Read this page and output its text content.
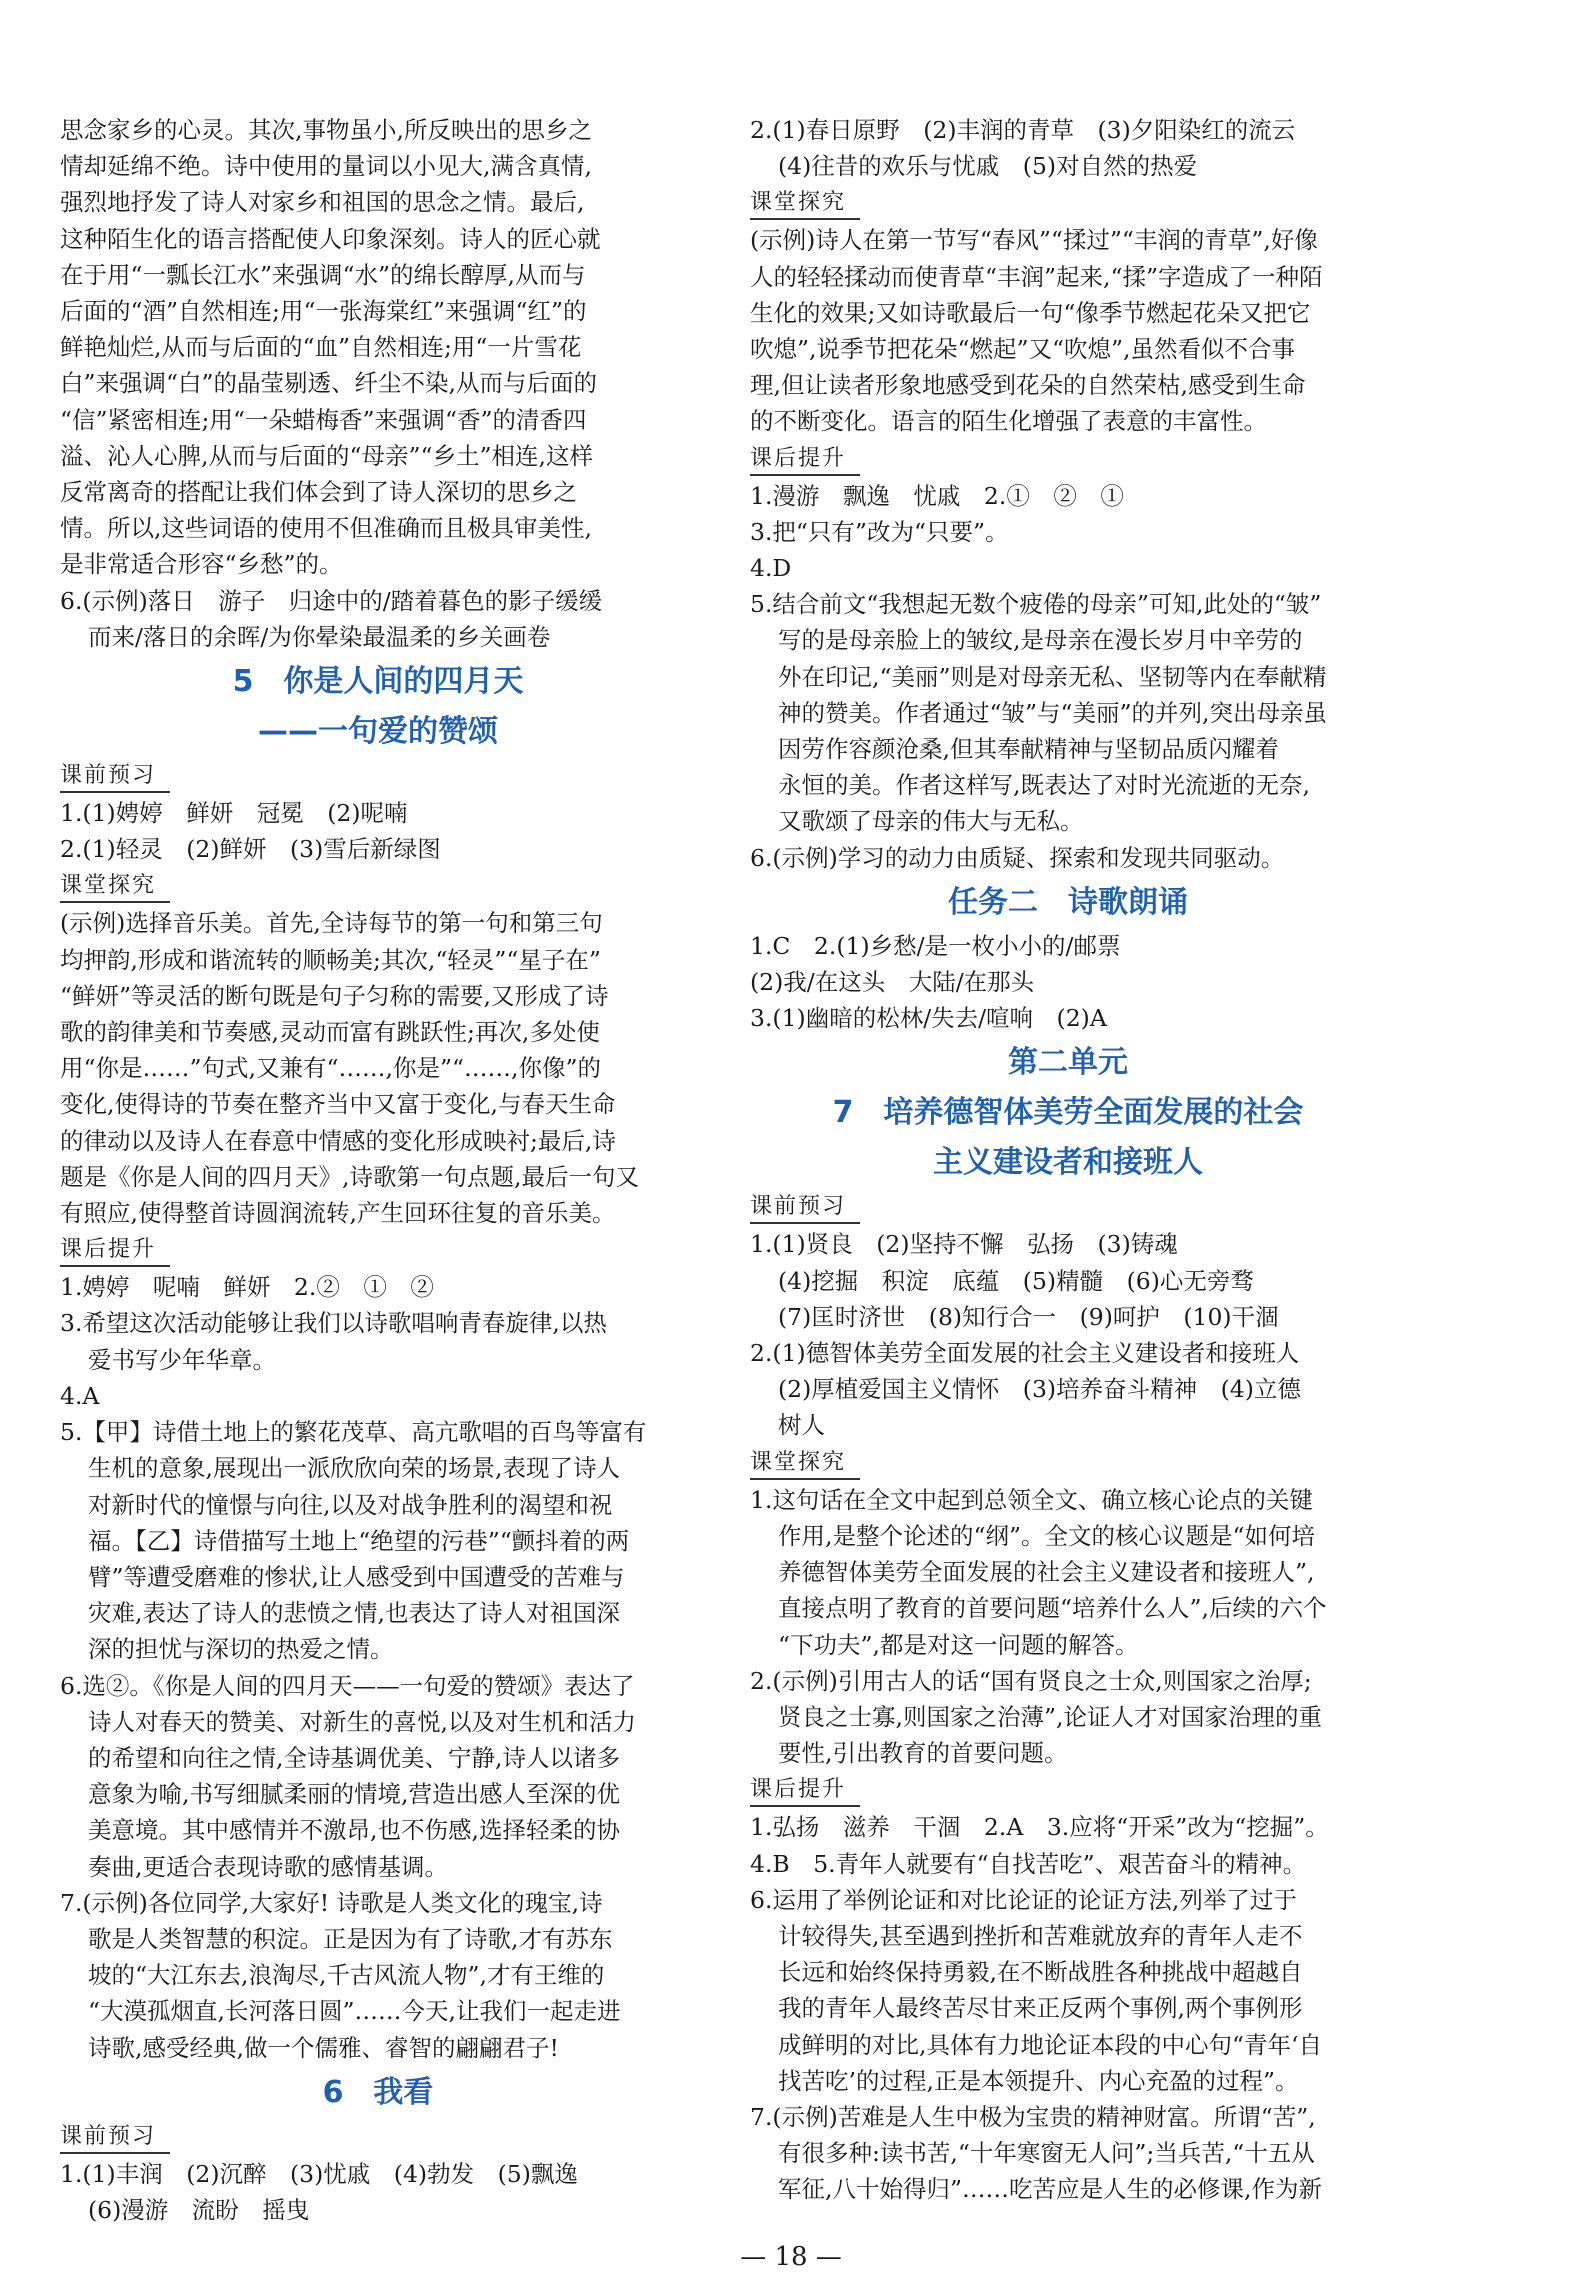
思念家乡的心灵。其次,事物虽小,所反映出的思乡之

情却延绵不绝。诗中使用的量词以小见大,满含真情,

强烈地抒发了诗人对家乡和祖国的思念之情。最后,

这种陌生化的语言搭配使人印象深刻。诗人的匠心就

在于用“一瓢长江水”来强调“水”的绵长醇厚,从而与

后面的“酒”自然相连;用“一张海棠红”来强调“红”的

鲜艳灿烂,从而与后面的“血”自然相连;用“一片雪花

白”来强调“白”的晶莹剔透、纤尘不染,从而与后面的

“信”紧密相连;用“一朵蜡梅香”来强调“香”的清香四

溢、沁人心脾,从而与后面的“母亲”“乡土”相连,这样

反常离奇的搭配让我们体会到了诗人深切的思乡之

情。所以,这些词语的使用不但准确而且极具审美性,

是非常适合形容“乡愁”的。

6.(示例)落日　游子　归途中的/踏着暮色的影子缓缓

而来/落日的余晖/为你晕染最温柔的乡关画卷

5　你是人间的四月天
——一句爱的赞颂
课前预习

1.(1)娉婷　鲜妍　冠冕　(2)呢喃

2.(1)轻灵　(2)鲜妍　(3)雪后新绿图

课堂探究

(示例)选择音乐美。首先,全诗每节的第一句和第三句

均押韵,形成和谐流转的顺畅美;其次,“轻灵”“星子在”

“鲜妍”等灵活的断句既是句子匀称的需要,又形成了诗

歌的韵律美和节奏感,灵动而富有跳跃性;再次,多处使

用“你是……”句式,又兼有“……,你是”“……,你像”的

变化,使得诗的节奏在整齐当中又富于变化,与春天生命

的律动以及诗人在春意中情感的变化形成映衬;最后,诗

题是《你是人间的四月天》,诗歌第一句点题,最后一句又

有照应,使得整首诗圆润流转,产生回环往复的音乐美。

课后提升

1.娉婷　呢喃　鲜妍　2.②　①　②

3.希望这次活动能够让我们以诗歌唱响青春旋律,以热

爱书写少年华章。

4.A

5.【甲】诗借土地上的繁花茂草、高亢歌唱的百鸟等富有

生机的意象,展现出一派欣欣向荣的场景,表现了诗人

对新时代的憧憬与向往,以及对战争胜利的渴望和祝

福。【乙】诗借描写土地上“绝望的污巷”“颤抖着的两

臂”等遭受磨难的惨状,让人感受到中国遭受的苦难与

灾难,表达了诗人的悲愤之情,也表达了诗人对祖国深

深的担忧与深切的热爱之情。

6.选②。《你是人间的四月天——一句爱的赞颂》表达了

诗人对春天的赞美、对新生的喜悦,以及对生机和活力

的希望和向往之情,全诗基调优美、宁静,诗人以诸多

意象为喻,书写细腻柔丽的情境,营造出感人至深的优

美意境。其中感情并不激昂,也不伤感,选择轻柔的协

奏曲,更适合表现诗歌的感情基调。

7.(示例)各位同学,大家好! 诗歌是人类文化的瑰宝,诗

歌是人类智慧的积淀。正是因为有了诗歌,才有苏东

坡的“大江东去,浪淘尽,千古风流人物”,才有王维的

“大漠孤烟直,长河落日圆”……今天,让我们一起走进

诗歌,感受经典,做一个儒雅、睿智的翩翩君子!

6　我看
课前预习

1.(1)丰润　(2)沉醉　(3)忧戚　(4)勃发　(5)飘逸

(6)漫游　流盼　摇曳

2.(1)春日原野　(2)丰润的青草　(3)夕阳染红的流云

(4)往昔的欢乐与忧戚　(5)对自然的热爱

课堂探究

(示例)诗人在第一节写“春风”“揉过”“丰润的青草”,好像

人的轻轻揉动而使青草“丰润”起来,“揉”字造成了一种陌

生化的效果;又如诗歌最后一句“像季节燃起花朵又把它

吹熄”,说季节把花朵“燃起”又“吹熄”,虽然看似不合事

理,但让读者形象地感受到花朵的自然荣枯,感受到生命

的不断变化。语言的陌生化增强了表意的丰富性。

课后提升

1.漫游　飘逸　忧戚　2.①　②　①

3.把“只有”改为“只要”。

4.D

5.结合前文“我想起无数个疲倦的母亲”可知,此处的“皱”

写的是母亲脸上的皱纹,是母亲在漫长岁月中辛劳的

外在印记,“美丽”则是对母亲无私、坚韧等内在奉献精

神的赞美。作者通过“皱”与“美丽”的并列,突出母亲虽

因劳作容颜沧桑,但其奉献精神与坚韧品质闪耀着

永恒的美。作者这样写,既表达了对时光流逝的无奈,

又歌颂了母亲的伟大与无私。

6.(示例)学习的动力由质疑、探索和发现共同驱动。

任务二　诗歌朗诵

1.C　2.(1)乡愁/是一枚小小的/邮票

(2)我/在这头　大陆/在那头

3.(1)幽暗的松林/失去/喧响　(2)A

第二单元
7　培养德智体美劳全面发展的社会
主义建设者和接班人
课前预习

1.(1)贤良　(2)坚持不懈　弘扬　(3)铸魂

(4)挖掘　积淀　底蕴　(5)精髓　(6)心无旁骛

(7)匡时济世　(8)知行合一　(9)呵护　(10)干涸

2.(1)德智体美劳全面发展的社会主义建设者和接班人

(2)厚植爱国主义情怀　(3)培养奋斗精神　(4)立德

树人

课堂探究

1.这句话在全文中起到总领全文、确立核心论点的关键

作用,是整个论述的“纲”。全文的核心议题是“如何培

养德智体美劳全面发展的社会主义建设者和接班人”,

直接点明了教育的首要问题“培养什么人”,后续的六个

“下功夫”,都是对这一问题的解答。

2.(示例)引用古人的话“国有贤良之士众,则国家之治厚;

贤良之士寡,则国家之治薄”,论证人才对国家治理的重

要性,引出教育的首要问题。

课后提升

1.弘扬　滋养　干涸　2.A　3.应将“开采”改为“挖掘”。

4.B　5.青年人就要有“自找苦吃”、艰苦奋斗的精神。

6.运用了举例论证和对比论证的论证方法,列举了过于

计较得失,甚至遇到挫折和苦难就放弃的青年人走不

长远和始终保持勇毅,在不断战胜各种挑战中超越自

我的青年人最终苦尽甘来正反两个事例,两个事例形

成鲜明的对比,具体有力地论证本段的中心句“青年‘自

找苦吃’的过程,正是本领提升、内心充盈的过程”。

7.(示例)苦难是人生中极为宝贵的精神财富。所谓“苦”,

有很多种:读书苦,“十年寒窗无人问”;当兵苦,“十五从

军征,八十始得归”……吃苦应是人生的必修课,作为新

— 18 —
